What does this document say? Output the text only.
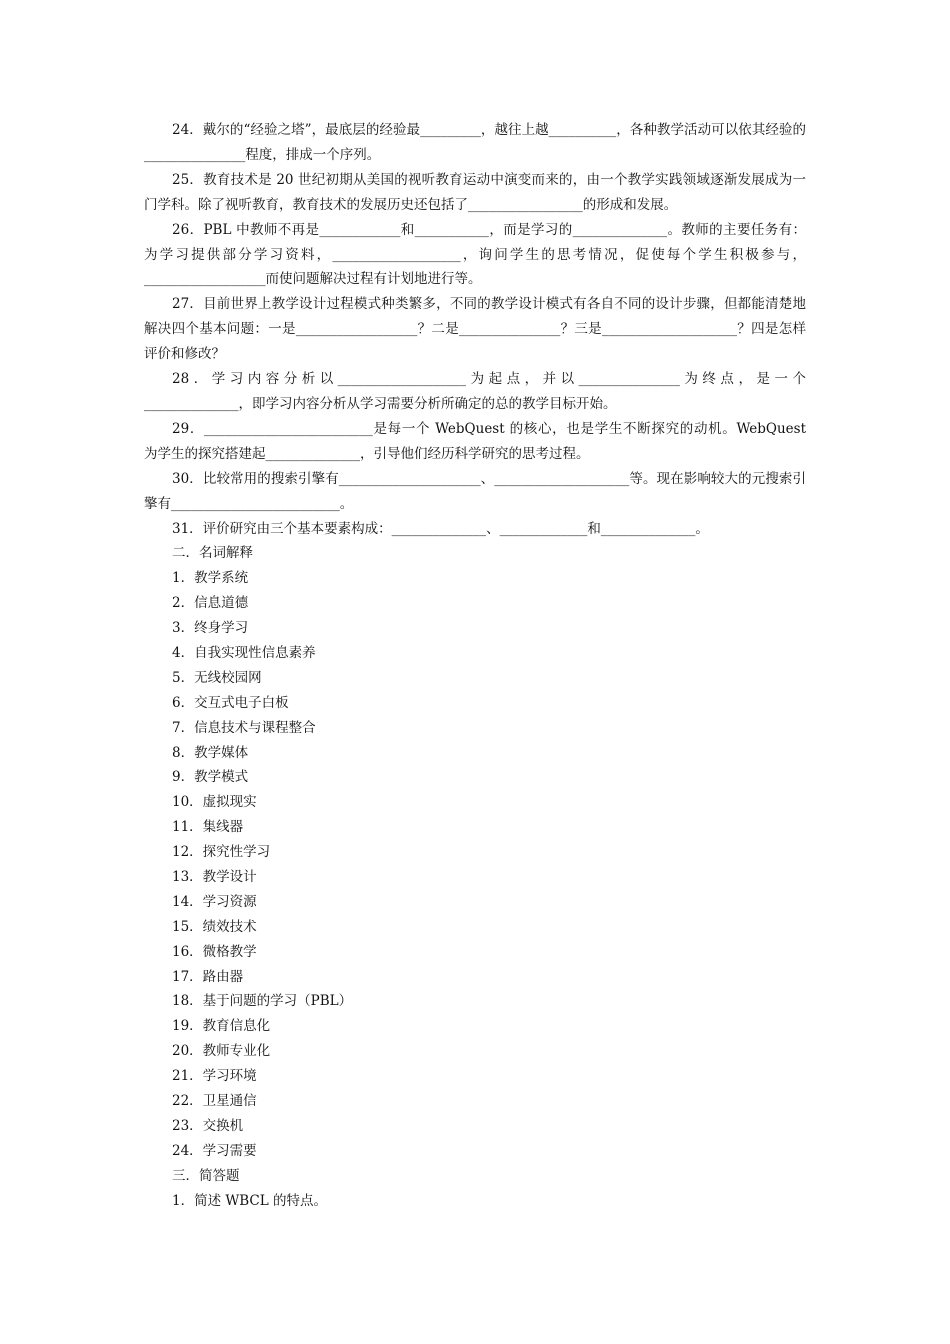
24．戴尔的“经验之塔”，最底层的经验最_________，越往上越__________，各种教学活动可以依其经验的_______________程度，排成一个序列。

25．教育技术是 20 世纪初期从美国的视听教育运动中演变而来的，由一个教学实践领域逐渐发展成为一门学科。除了视听教育，教育技术的发展历史还包括了_________________的形成和发展。

26．PBL 中教师不再是____________和___________，而是学习的______________。教师的主要任务有：为学习提供部分学习资料，___________________，询问学生的思考情况，促使每个学生积极参与，__________________而使问题解决过程有计划地进行等。

27．目前世界上教学设计过程模式种类繁多，不同的教学设计模式有各自不同的设计步骤，但都能清楚地解决四个基本问题：一是__________________？二是_______________？三是____________________？四是怎样评价和修改？

28．学习内容分析以___________________为起点，并以_______________为终点，是一个______________，即学习内容分析从学习需要分析所确定的总的教学目标开始。

29．_________________________是每一个 WebQuest 的核心，也是学生不断探究的动机。WebQuest 为学生的探究搭建起______________，引导他们经历科学研究的思考过程。

30．比较常用的搜索引擎有_____________________、____________________等。现在影响较大的元搜索引擎有_________________________。

31．评价研究由三个基本要素构成：______________、_____________和______________。

二．名词解释
1．教学系统
2．信息道德
3．终身学习
4．自我实现性信息素养
5．无线校园网
6．交互式电子白板
7．信息技术与课程整合
8．教学媒体
9．教学模式
10．虚拟现实
11．集线器
12．探究性学习
13．教学设计
14．学习资源
15．绩效技术
16．微格教学
17．路由器
18．基于问题的学习（PBL）
19．教育信息化
20．教师专业化
21．学习环境
22．卫星通信
23．交换机
24．学习需要
三．简答题
1．简述 WBCL 的特点。
